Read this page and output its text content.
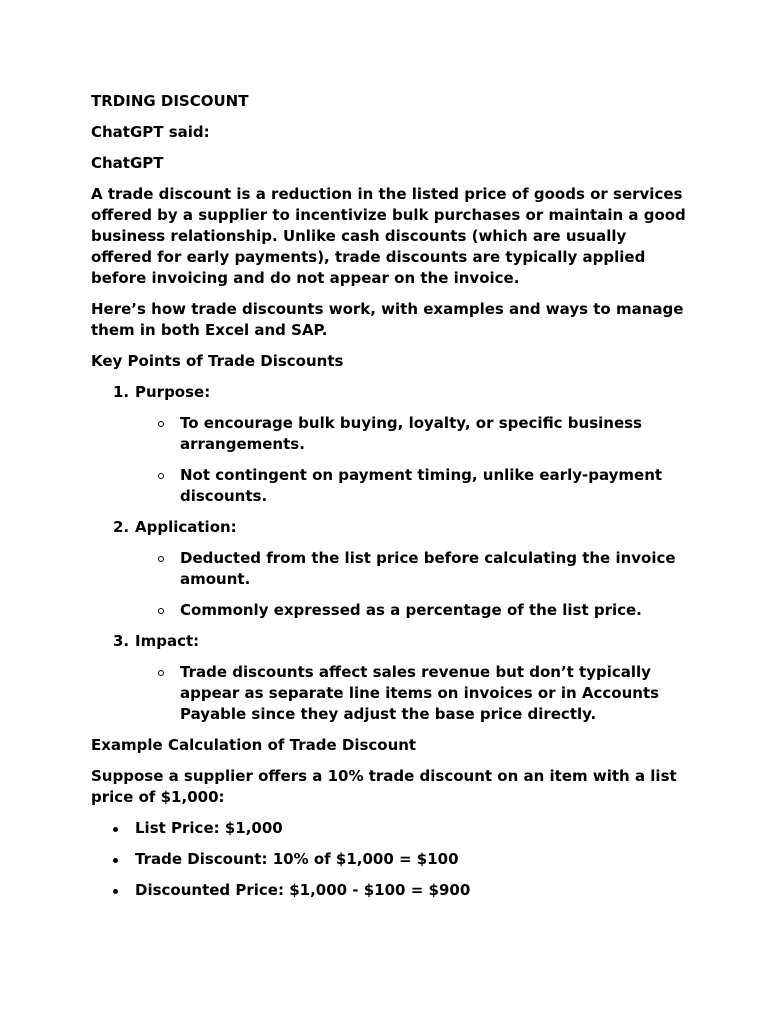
TRDING DISCOUNT

ChatGPT said:

ChatGPT

A trade discount is a reduction in the listed price of goods or services offered by a supplier to incentivize bulk purchases or maintain a good business relationship. Unlike cash discounts (which are usually offered for early payments), trade discounts are typically applied before invoicing and do not appear on the invoice.

Here’s how trade discounts work, with examples and ways to manage them in both Excel and SAP.

Key Points of Trade Discounts

1. Purpose:
To encourage bulk buying, loyalty, or specific business arrangements.
Not contingent on payment timing, unlike early-payment discounts.
2. Application:
Deducted from the list price before calculating the invoice amount.
Commonly expressed as a percentage of the list price.
3. Impact:
Trade discounts affect sales revenue but don’t typically appear as separate line items on invoices or in Accounts Payable since they adjust the base price directly.

Example Calculation of Trade Discount

Suppose a supplier offers a 10% trade discount on an item with a list price of $1,000:

List Price: $1,000
Trade Discount: 10% of $1,000 = $100
Discounted Price: $1,000 - $100 = $900
